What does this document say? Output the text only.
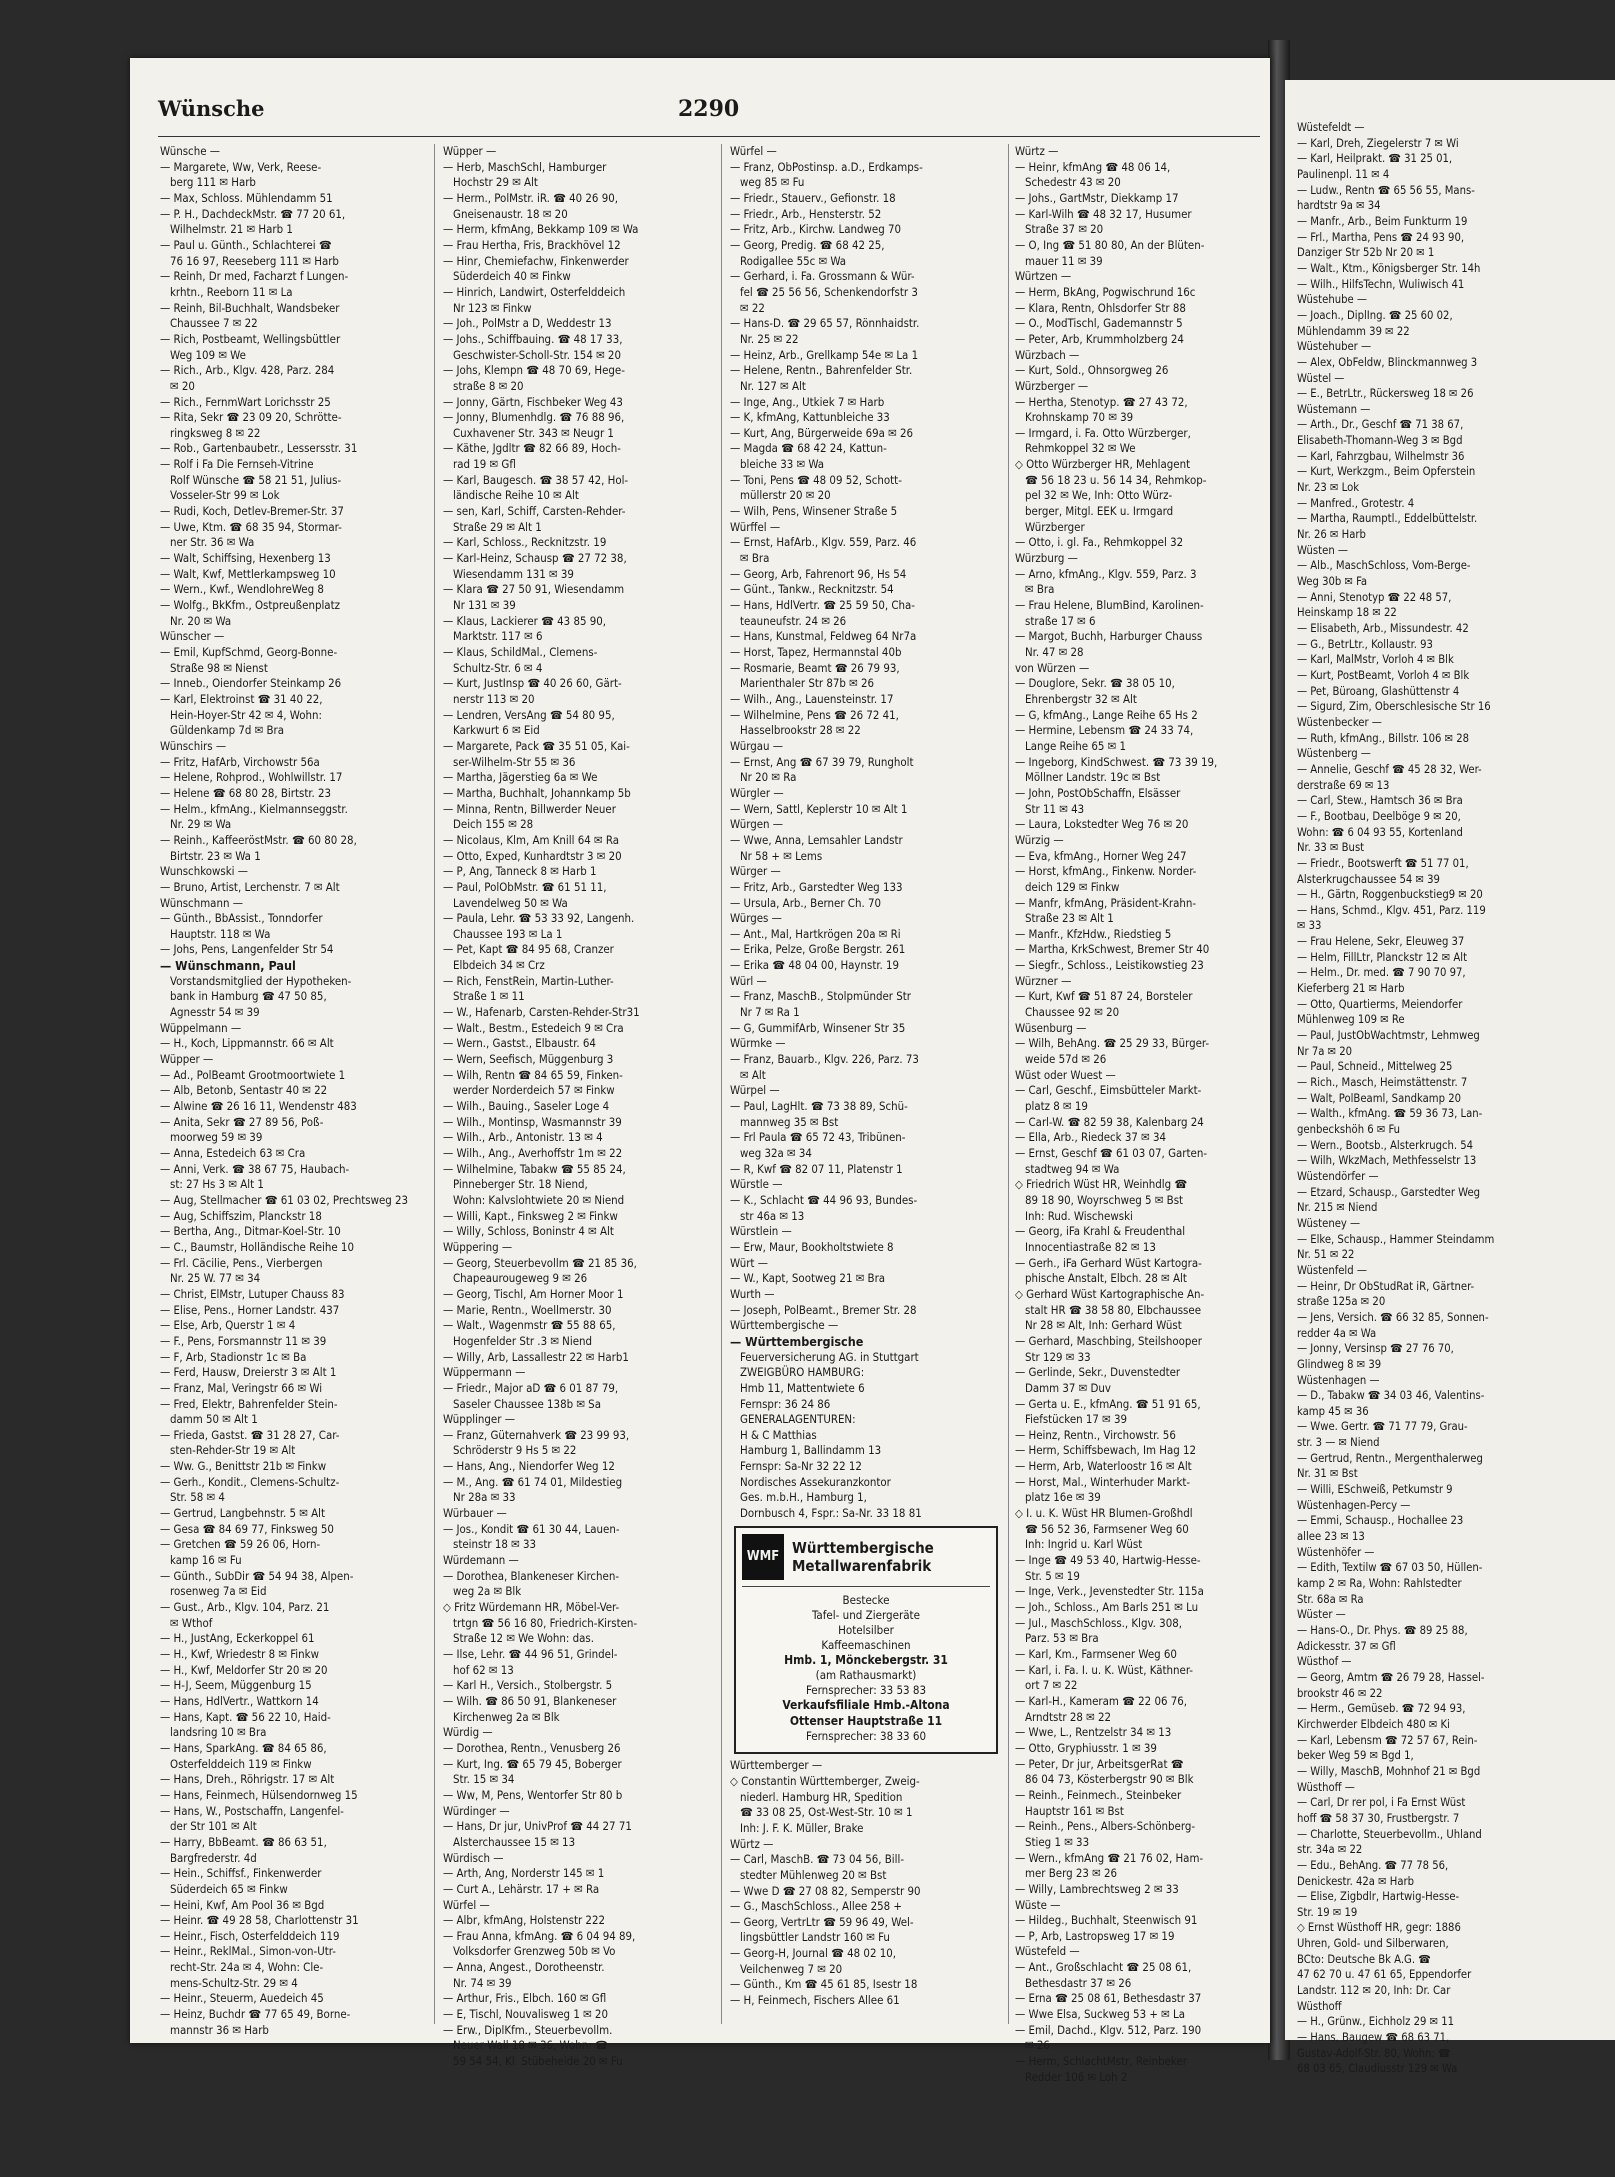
Wünsche	2290

Wünsche —

— Margarete, Ww, Verk, Reese-

berg 111 ✉ Harb

— Max, Schloss. Mühlendamm 51

— P. H., DachdeckMstr. ☎ 77 20 61,

Wilhelmstr. 21 ✉ Harb 1

— Paul u. Günth., Schlachterei ☎

76 16 97, Reeseberg 111 ✉ Harb

— Reinh, Dr med, Facharzt f Lungen-

krhtn., Reeborn 11 ✉ La

— Reinh, Bil-Buchhalt, Wandsbeker

Chaussee 7 ✉ 22

— Rich, Postbeamt, Wellingsbüttler

Weg 109 ✉ We

— Rich., Arb., Klgv. 428, Parz. 284

✉ 20

— Rich., FernmWart Lorichsstr 25

— Rita, Sekr ☎ 23 09 20, Schrötte-

ringksweg 8 ✉ 22

— Rob., Gartenbaubetr., Lessersstr. 31

— Rolf i Fa Die Fernseh-Vitrine

Rolf Wünsche ☎ 58 21 51, Julius-

Vosseler-Str 99 ✉ Lok

— Rudi, Koch, Detlev-Bremer-Str. 37

— Uwe, Ktm. ☎ 68 35 94, Stormar-

ner Str. 36 ✉ Wa

— Walt, Schiffsing, Hexenberg 13

— Walt, Kwf, Mettlerkampsweg 10

— Wern., Kwf., WendlohreWeg 8

— Wolfg., BkKfm., Ostpreußenplatz

Nr. 20 ✉ Wa

Wünscher —

— Emil, KupfSchmd, Georg-Bonne-

Straße 98 ✉ Nienst

— Inneb., Oiendorfer Steinkamp 26

— Karl, Elektroinst ☎ 31 40 22,

Hein-Hoyer-Str 42 ✉ 4, Wohn:

Güldenkamp 7d ✉ Bra

Wünschirs —

— Fritz, HafArb, Virchowstr 56a

— Helene, Rohprod., Wohlwillstr. 17

— Helene ☎ 68 80 28, Birtstr. 23

— Helm., kfmAng., Kielmannseggstr.

Nr. 29 ✉ Wa

— Reinh., KaffeeröstMstr. ☎ 60 80 28,

Birtstr. 23 ✉ Wa 1

Wunschkowski —

— Bruno, Artist, Lerchenstr. 7 ✉ Alt

Wünschmann —

— Günth., BbAssist., Tonndorfer

Hauptstr. 118 ✉ Wa

— Johs, Pens, Langenfelder Str 54

— Wünschmann, Paul

Vorstandsmitglied der Hypotheken-

bank in Hamburg ☎ 47 50 85,

Agnesstr 54 ✉ 39

Wüppelmann —

— H., Koch, Lippmannstr. 66 ✉ Alt

Wüpper —

— Ad., PolBeamt Grootmoortwiete 1

— Alb, Betonb, Sentastr 40 ✉ 22

— Alwine ☎ 26 16 11, Wendenstr 483

— Anita, Sekr ☎ 27 89 56, Poß-

moorweg 59 ✉ 39

— Anna, Estedeich 63 ✉ Cra

— Anni, Verk. ☎ 38 67 75, Haubach-

st: 27 Hs 3 ✉ Alt 1

— Aug, Stellmacher ☎ 61 03 02, Prechtsweg 23

— Aug, Schiffszim, Planckstr 18

— Bertha, Ang., Ditmar-Koel-Str. 10

— C., Baumstr, Holländische Reihe 10

— Frl. Cäcilie, Pens., Vierbergen

Nr. 25 W. 77 ✉ 34

— Christ, ElMstr, Lutuper Chauss 83

— Elise, Pens., Horner Landstr. 437

— Else, Arb, Querstr 1 ✉ 4

— F., Pens, Forsmannstr 11 ✉ 39

— F, Arb, Stadionstr 1c ✉ Ba

— Ferd, Hausw, Dreierstr 3 ✉ Alt 1

— Franz, Mal, Veringstr 66 ✉ Wi

— Fred, Elektr, Bahrenfelder Stein-

damm 50 ✉ Alt 1

— Frieda, Gastst. ☎ 31 28 27, Car-

sten-Rehder-Str 19 ✉ Alt

— Ww. G., Benittstr 21b ✉ Finkw

— Gerh., Kondit., Clemens-Schultz-

Str. 58 ✉ 4

— Gertrud, Langbehnstr. 5 ✉ Alt

— Gesa ☎ 84 69 77, Finksweg 50

— Gretchen ☎ 59 26 06, Horn-

kamp 16 ✉ Fu

— Günth., SubDir ☎ 54 94 38, Alpen-

rosenweg 7a ✉ Eid

— Gust., Arb., Klgv. 104, Parz. 21

✉ Wthof

— H., JustAng, Eckerkoppel 61

— H., Kwf, Wriedestr 8 ✉ Finkw

— H., Kwf, Meldorfer Str 20 ✉ 20

— H-J, Seem, Müggenburg 15

— Hans, HdlVertr., Wattkorn 14

— Hans, Kapt. ☎ 56 22 10, Haid-

landsring 10 ✉ Bra

— Hans, SparkAng. ☎ 84 65 86,

Osterfelddeich 119 ✉ Finkw

— Hans, Dreh., Röhrigstr. 17 ✉ Alt

— Hans, Feinmech, Hülsendornweg 15

— Hans, W., Postschaffn, Langenfel-

der Str 101 ✉ Alt

— Harry, BbBeamt. ☎ 86 63 51,

Bargfrederstr. 4d

— Hein., Schiffsf., Finkenwerder

Süderdeich 65 ✉ Finkw

— Heini, Kwf, Am Pool 36 ✉ Bgd

— Heinr. ☎ 49 28 58, Charlottenstr 31

— Heinr., Fisch, Osterfelddeich 119

— Heinr., ReklMal., Simon-von-Utr-

recht-Str. 24a ✉ 4, Wohn: Cle-

mens-Schultz-Str. 29 ✉ 4

— Heinr., Steuerm, Auedeich 45

— Heinz, Buchdr ☎ 77 65 49, Borne-

mannstr 36 ✉ Harb

Wüpper —

— Herb, MaschSchl, Hamburger

Hochstr 29 ✉ Alt

— Herm., PolMstr. iR. ☎ 40 26 90,

Gneisenaustr. 18 ✉ 20

— Herm, kfmAng, Bekkamp 109 ✉ Wa

— Frau Hertha, Fris, Brackhövel 12

— Hinr, Chemiefachw, Finkenwerder

Süderdeich 40 ✉ Finkw

— Hinrich, Landwirt, Osterfelddeich

Nr 123 ✉ Finkw

— Joh., PolMstr a D, Weddestr 13

— Johs., Schiffbauing. ☎ 48 17 33,

Geschwister-Scholl-Str. 154 ✉ 20

— Johs, Klempn ☎ 48 70 69, Hege-

straße 8 ✉ 20

— Jonny, Gärtn, Fischbeker Weg 43

— Jonny, Blumenhdlg. ☎ 76 88 96,

Cuxhavener Str. 343 ✉ Neugr 1

— Käthe, Jgdltr ☎ 82 66 89, Hoch-

rad 19 ✉ Gfl

— Karl, Baugesch. ☎ 38 57 42, Hol-

ländische Reihe 10 ✉ Alt

— sen, Karl, Schiff, Carsten-Rehder-

Straße 29 ✉ Alt 1

— Karl, Schloss., Recknitzstr. 19

— Karl-Heinz, Schausp ☎ 27 72 38,

Wiesendamm 131 ✉ 39

— Klara ☎ 27 50 91, Wiesendamm

Nr 131 ✉ 39

— Klaus, Lackierer ☎ 43 85 90,

Marktstr. 117 ✉ 6

— Klaus, SchildMal., Clemens-

Schultz-Str. 6 ✉ 4

— Kurt, JustInsp ☎ 40 26 60, Gärt-

nerstr 113 ✉ 20

— Lendren, VersAng ☎ 54 80 95,

Karkwurt 6 ✉ Eid

— Margarete, Pack ☎ 35 51 05, Kai-

ser-Wilhelm-Str 55 ✉ 36

— Martha, Jägerstieg 6a ✉ We

— Martha, Buchhalt, Johannkamp 5b

— Minna, Rentn, Billwerder Neuer

Deich 155 ✉ 28

— Nicolaus, Klm, Am Knill 64 ✉ Ra

— Otto, Exped, Kunhardtstr 3 ✉ 20

— P, Ang, Tanneck 8 ✉ Harb 1

— Paul, PolObMstr. ☎ 61 51 11,

Lavendelweg 50 ✉ Wa

— Paula, Lehr. ☎ 53 33 92, Langenh.

Chaussee 193 ✉ La 1

— Pet, Kapt ☎ 84 95 68, Cranzer

Elbdeich 34 ✉ Crz

— Rich, FenstRein, Martin-Luther-

Straße 1 ✉ 11

— W., Hafenarb, Carsten-Rehder-Str31

— Walt., Bestm., Estedeich 9 ✉ Cra

— Wern., Gastst., Elbaustr. 64

— Wern, Seefisch, Müggenburg 3

— Wilh, Rentn ☎ 84 65 59, Finken-

werder Norderdeich 57 ✉ Finkw

— Wilh., Bauing., Saseler Loge 4

— Wilh., Montinsp, Wasmannstr 39

— Wilh., Arb., Antonistr. 13 ✉ 4

— Wilh., Ang., Averhoffstr 1m ✉ 22

— Wilhelmine, Tabakw ☎ 55 85 24,

Pinneberger Str. 18 Niend,

Wohn: Kalvslohtwiete 20 ✉ Niend

— Willi, Kapt., Finksweg 2 ✉ Finkw

— Willy, Schloss, Boninstr 4 ✉ Alt

Wüppering —

— Georg, Steuerbevollm ☎ 21 85 36,

Chapeaurougeweg 9 ✉ 26

— Georg, Tischl, Am Horner Moor 1

— Marie, Rentn., Woellmerstr. 30

— Walt., Wagenmstr ☎ 55 88 65,

Hogenfelder Str .3 ✉ Niend

— Willy, Arb, Lassallestr 22 ✉ Harb1

Wüppermann —

— Friedr., Major aD ☎ 6 01 87 79,

Saseler Chaussee 138b ✉ Sa

Wüpplinger —

— Franz, Güternahverk ☎ 23 99 93,

Schröderstr 9 Hs 5 ✉ 22

— Hans, Ang., Niendorfer Weg 12

— M., Ang. ☎ 61 74 01, Mildestieg

Nr 28a ✉ 33

Würbauer —

— Jos., Kondit ☎ 61 30 44, Lauen-

steinstr 18 ✉ 33

Würdemann —

— Dorothea, Blankeneser Kirchen-

weg 2a ✉ Blk

◇ Fritz Würdemann HR, Möbel-Ver-

trtgn ☎ 56 16 80, Friedrich-Kirsten-

Straße 12 ✉ We Wohn: das.

— Ilse, Lehr. ☎ 44 96 51, Grindel-

hof 62 ✉ 13

— Karl H., Versich., Stolbergstr. 5

— Wilh. ☎ 86 50 91, Blankeneser

Kirchenweg 2a ✉ Blk

Würdig —

— Dorothea, Rentn., Venusberg 26

— Kurt, Ing. ☎ 65 79 45, Boberger

Str. 15 ✉ 34

— Ww, M, Pens, Wentorfer Str 80 b

Würdinger —

— Hans, Dr jur, UnivProf ☎ 44 27 71

Alsterchaussee 15 ✉ 13

Würdisch —

— Arth, Ang, Norderstr 145 ✉ 1

— Curt A., Lehärstr. 17 + ✉ Ra

Würfel —

— Albr, kfmAng, Holstenstr 222

— Frau Anna, kfmAng. ☎ 6 04 94 89,

Volksdorfer Grenzweg 50b ✉ Vo

— Anna, Angest., Dorotheenstr.

Nr. 74 ✉ 39

— Arthur, Fris., Elbch. 160 ✉ Gfl

— E, Tischl, Nouvalisweg 1 ✉ 20

— Erw., DiplKfm., Steuerbevollm.

Neuer Wall 18 ✉ 36, Wohn: ☎

59 54 54, Kl. Stübeheide 20 ✉ Fu

Würfel —

— Franz, ObPostinsp. a.D., Erdkamps-

weg 85 ✉ Fu

— Friedr., Stauerv., Gefionstr. 18

— Friedr., Arb., Hensterstr. 52

— Fritz, Arb., Kirchw. Landweg 70

— Georg, Predig. ☎ 68 42 25,

Rodigallee 55c ✉ Wa

— Gerhard, i. Fa. Grossmann & Wür-

fel ☎ 25 56 56, Schenkendorfstr 3

✉ 22

— Hans-D. ☎ 29 65 57, Rönnhaidstr.

Nr. 25 ✉ 22

— Heinz, Arb., Grellkamp 54e ✉ La 1

— Helene, Rentn., Bahrenfelder Str.

Nr. 127 ✉ Alt

— Inge, Ang., Utkiek 7 ✉ Harb

— K, kfmAng, Kattunbleiche 33

— Kurt, Ang, Bürgerweide 69a ✉ 26

— Magda ☎ 68 42 24, Kattun-

bleiche 33 ✉ Wa

— Toni, Pens ☎ 48 09 52, Schott-

müllerstr 20 ✉ 20

— Wilh, Pens, Winsener Straße 5

Würffel —

— Ernst, HafArb., Klgv. 559, Parz. 46

✉ Bra

— Georg, Arb, Fahrenort 96, Hs 54

— Günt., Tankw., Recknitzstr. 54

— Hans, HdlVertr. ☎ 25 59 50, Cha-

teauneufstr. 24 ✉ 26

— Hans, Kunstmal, Feldweg 64 Nr7a

— Horst, Tapez, Hermannstal 40b

— Rosmarie, Beamt ☎ 26 79 93,

Marienthaler Str 87b ✉ 26

— Wilh., Ang., Lauensteinstr. 17

— Wilhelmine, Pens ☎ 26 72 41,

Hasselbrookstr 28 ✉ 22

Würgau —

— Ernst, Ang ☎ 67 39 79, Rungholt

Nr 20 ✉ Ra

Würgler —

— Wern, Sattl, Keplerstr 10 ✉ Alt 1

Würgen —

— Wwe, Anna, Lemsahler Landstr

Nr 58 + ✉ Lems

Würger —

— Fritz, Arb., Garstedter Weg 133

— Ursula, Arb., Berner Ch. 70

Würges —

— Ant., Mal, Hartkrögen 20a ✉ Ri

— Erika, Pelze, Große Bergstr. 261

— Erika ☎ 48 04 00, Haynstr. 19

Würl —

— Franz, MaschB., Stolpmünder Str

Nr 7 ✉ Ra 1

— G, GummifArb, Winsener Str 35

Würmke —

— Franz, Bauarb., Klgv. 226, Parz. 73

✉ Alt

Würpel —

— Paul, LagHlt. ☎ 73 38 89, Schü-

mannweg 35 ✉ Bst

— Frl Paula ☎ 65 72 43, Tribünen-

weg 32a ✉ 34

— R, Kwf ☎ 82 07 11, Platenstr 1

Würstle —

— K., Schlacht ☎ 44 96 93, Bundes-

str 46a ✉ 13

Würstlein —

— Erw, Maur, Bookholtstwiete 8

Würt —

— W., Kapt, Sootweg 21 ✉ Bra

Wurth —

— Joseph, PolBeamt., Bremer Str. 28

Württembergische —

— Württembergische

Feuerversicherung AG. in Stuttgart

ZWEIGBÜRO HAMBURG:

Hmb 11, Mattentwiete 6

Fernspr: 36 24 86

GENERALAGENTUREN:

H & C Matthias

Hamburg 1, Ballindamm 13

Fernspr: Sa-Nr 32 22 12

Nordisches Assekuranzkontor

Ges. m.b.H., Hamburg 1,

Dornbusch 4, Fspr.: Sa-Nr. 33 18 81

WMF Württembergische Metallwarenfabrik
Bestecke
Tafel- und Ziergeräte
Hotelsilber
Kaffeemaschinen
Hmb. 1, Mönckebergstr. 31
(am Rathausmarkt)
Fernsprecher: 33 53 83
Verkaufsfiliale Hmb.-Altona
Ottenser Hauptstraße 11
Fernsprecher: 38 33 60

Württemberger —

◇ Constantin Württemberger, Zweig-

niederl. Hamburg HR, Spedition

☎ 33 08 25, Ost-West-Str. 10 ✉ 1

Inh: J. F. K. Müller, Brake

Würtz —

— Carl, MaschB. ☎ 73 04 56, Bill-

stedter Mühlenweg 20 ✉ Bst

— Wwe D ☎ 27 08 82, Semperstr 90

— G., MaschSchloss., Allee 258 +

— Georg, VertrLtr ☎ 59 96 49, Wel-

lingsbüttler Landstr 160 ✉ Fu

— Georg-H, Journal ☎ 48 02 10,

Veilchenweg 7 ✉ 20

— Günth., Km ☎ 45 61 85, Isestr 18

— H, Feinmech, Fischers Allee 61

Würtz —

— Heinr, kfmAng ☎ 48 06 14,

Schedestr 43 ✉ 20

— Johs., GartMstr, Diekkamp 17

— Karl-Wilh ☎ 48 32 17, Husumer

Straße 37 ✉ 20

— O, Ing ☎ 51 80 80, An der Blüten-

mauer 11 ✉ 39

Würtzen —

— Herm, BkAng, Pogwischrund 16c

— Klara, Rentn, Ohlsdorfer Str 88

— O., ModTischl, Gademannstr 5

— Peter, Arb, Krummholzberg 24

Würzbach —

— Kurt, Sold., Ohnsorgweg 26

Würzberger —

— Hertha, Stenotyp. ☎ 27 43 72,

Krohnskamp 70 ✉ 39

— Irmgard, i. Fa. Otto Würzberger,

Rehmkoppel 32 ✉ We

◇ Otto Würzberger HR, Mehlagent

☎ 56 18 23 u. 56 14 34, Rehmkop-

pel 32 ✉ We, Inh: Otto Würz-

berger, Mitgl. EEK u. Irmgard

Würzberger

— Otto, i. gl. Fa., Rehmkoppel 32

Würzburg —

— Arno, kfmAng., Klgv. 559, Parz. 3

✉ Bra

— Frau Helene, BlumBind, Karolinen-

straße 17 ✉ 6

— Margot, Buchh, Harburger Chauss

Nr. 47 ✉ 28

von Würzen —

— Douglore, Sekr. ☎ 38 05 10,

Ehrenbergstr 32 ✉ Alt

— G, kfmAng., Lange Reihe 65 Hs 2

— Hermine, Lebensm ☎ 24 33 74,

Lange Reihe 65 ✉ 1

— Ingeborg, KindSchwest. ☎ 73 39 19,

Möllner Landstr. 19c ✉ Bst

— John, PostObSchaffn, Elsässer

Str 11 ✉ 43

— Laura, Lokstedter Weg 76 ✉ 20

Würzig —

— Eva, kfmAng., Horner Weg 247

— Horst, kfmAng., Finkenw. Norder-

deich 129 ✉ Finkw

— Manfr, kfmAng, Präsident-Krahn-

Straße 23 ✉ Alt 1

— Manfr., KfzHdw., Riedstieg 5

— Martha, KrkSchwest, Bremer Str 40

— Siegfr., Schloss., Leistikowstieg 23

Würzner —

— Kurt, Kwf ☎ 51 87 24, Borsteler

Chaussee 92 ✉ 20

Wüsenburg —

— Wilh, BehAng. ☎ 25 29 33, Bürger-

weide 57d ✉ 26

Wüst oder Wuest —

— Carl, Geschf., Eimsbütteler Markt-

platz 8 ✉ 19

— Carl-W. ☎ 82 59 38, Kalenbarg 24

— Ella, Arb., Riedeck 37 ✉ 34

— Ernst, Geschf ☎ 61 03 07, Garten-

stadtweg 94 ✉ Wa

◇ Friedrich Wüst HR, Weinhdlg ☎

89 18 90, Woyrschweg 5 ✉ Bst

Inh: Rud. Wischewski

— Georg, iFa Krahl & Freudenthal

Innocentiastraße 82 ✉ 13

— Gerh., iFa Gerhard Wüst Kartogra-

phische Anstalt, Elbch. 28 ✉ Alt

◇ Gerhard Wüst Kartographische An-

stalt HR ☎ 38 58 80, Elbchaussee

Nr 28 ✉ Alt, Inh: Gerhard Wüst

— Gerhard, Maschbing, Steilshooper

Str 129 ✉ 33

— Gerlinde, Sekr., Duvenstedter

Damm 37 ✉ Duv

— Gerta u. E., kfmAng. ☎ 51 91 65,

Fiefstücken 17 ✉ 39

— Heinz, Rentn., Virchowstr. 56

— Herm, Schiffsbewach, Im Hag 12

— Herm, Arb, Waterloostr 16 ✉ Alt

— Horst, Mal., Winterhuder Markt-

platz 16e ✉ 39

◇ I. u. K. Wüst HR Blumen-Großhdl

☎ 56 52 36, Farmsener Weg 60

Inh: Ingrid u. Karl Wüst

— Inge ☎ 49 53 40, Hartwig-Hesse-

Str. 5 ✉ 19

— Inge, Verk., Jevenstedter Str. 115a

— Joh., Schloss., Am Barls 251 ✉ Lu

— Jul., MaschSchloss., Klgv. 308,

Parz. 53 ✉ Bra

— Karl, Km., Farmsener Weg 60

— Karl, i. Fa. I. u. K. Wüst, Käthner-

ort 7 ✉ 22

— Karl-H., Kameram ☎ 22 06 76,

Arndtstr 28 ✉ 22

— Wwe, L., Rentzelstr 34 ✉ 13

— Otto, Gryphiusstr. 1 ✉ 39

— Peter, Dr jur, ArbeitsgerRat ☎

86 04 73, Kösterbergstr 90 ✉ Blk

— Reinh., Feinmech., Steinbeker

Hauptstr 161 ✉ Bst

— Reinh., Pens., Albers-Schönberg-

Stieg 1 ✉ 33

— Wern., kfmAng ☎ 21 76 02, Ham-

mer Berg 23 ✉ 26

— Willy, Lambrechtsweg 2 ✉ 33

Wüste —

— Hildeg., Buchhalt, Steenwisch 91

— P, Arb, Lastropsweg 17 ✉ 19

Wüstefeld —

— Ant., Großschlacht ☎ 25 08 61,

Bethesdastr 37 ✉ 26

— Erna ☎ 25 08 61, Bethesdastr 37

— Wwe Elsa, Suckweg 53 + ✉ La

— Emil, Dachd., Klgv. 512, Parz. 190

✉ 26

— Herm, SchlachtMstr, Reinbeker

Redder 106 ✉ Loh 2

Wüstefeldt —

— Karl, Dreh, Ziegelerstr 7 ✉ Wi

— Karl, Heilprakt. ☎ 31 25 01,

Paulinenpl. 11 ✉ 4

— Ludw., Rentn ☎ 65 56 55, Mans-

hardtstr 9a ✉ 34

— Manfr., Arb., Beim Funkturm 19

— Frl., Martha, Pens ☎ 24 93 90,

Danziger Str 52b Nr 20 ✉ 1

— Walt., Ktm., Königsberger Str. 14h

— Wilh., HilfsTechn, Wuliwisch 41

Wüstehube —

— Joach., DiplIng. ☎ 25 60 02,

Mühlendamm 39 ✉ 22

Wüstehuber —

— Alex, ObFeldw, Blinckmannweg 3

Wüstel —

— E., BetrLtr., Rückersweg 18 ✉ 26

Wüstemann —

— Arth., Dr., Geschf ☎ 71 38 67,

Elisabeth-Thomann-Weg 3 ✉ Bgd

— Karl, Fahrzgbau, Wilhelmstr 36

— Kurt, Werkzgm., Beim Opferstein

Nr. 23 ✉ Lok

— Manfred., Grotestr. 4

— Martha, Raumptl., Eddelbüttelstr.

Nr. 26 ✉ Harb

Wüsten —

— Alb., MaschSchloss, Vom-Berge-

Weg 30b ✉ Fa

— Anni, Stenotyp ☎ 22 48 57,

Heinskamp 18 ✉ 22

— Elisabeth, Arb., Missundestr. 42

— G., BetrLtr., Kollaustr. 93

— Karl, MalMstr, Vorloh 4 ✉ Blk

— Kurt, PostBeamt, Vorloh 4 ✉ Blk

— Pet, Büroang, Glashüttenstr 4

— Sigurd, Zim, Oberschlesische Str 16

Wüstenbecker —

— Ruth, kfmAng., Billstr. 106 ✉ 28

Wüstenberg —

— Annelie, Geschf ☎ 45 28 32, Wer-

derstraße 69 ✉ 13

— Carl, Stew., Hamtsch 36 ✉ Bra

— F., Bootbau, Deelböge 9 ✉ 20,

Wohn: ☎ 6 04 93 55, Kortenland

Nr. 33 ✉ Bust

— Friedr., Bootswerft ☎ 51 77 01,

Alsterkrugchaussee 54 ✉ 39

— H., Gärtn, Roggenbuckstieg9 ✉ 20

— Hans, Schmd., Klgv. 451, Parz. 119

✉ 33

— Frau Helene, Sekr, Eleuweg 37

— Helm, FillLtr, Planckstr 12 ✉ Alt

— Helm., Dr. med. ☎ 7 90 70 97,

Kieferberg 21 ✉ Harb

— Otto, Quartierms, Meiendorfer

Mühlenweg 109 ✉ Re

— Paul, JustObWachtmstr, Lehmweg

Nr 7a ✉ 20

— Paul, Schneid., Mittelweg 25

— Rich., Masch, Heimstättenstr. 7

— Walt, PolBeaml, Sandkamp 20

— Walth., kfmAng. ☎ 59 36 73, Lan-

genbeckshöh 6 ✉ Fu

— Wern., Bootsb., Alsterkrugch. 54

— Wilh, WkzMach, Methfesselstr 13

Wüstendörfer —

— Etzard, Schausp., Garstedter Weg

Nr. 215 ✉ Niend

Wüsteney —

— Elke, Schausp., Hammer Steindamm

Nr. 51 ✉ 22

Wüstenfeld —

— Heinr, Dr ObStudRat iR, Gärtner-

straße 125a ✉ 20

— Jens, Versich. ☎ 66 32 85, Sonnen-

redder 4a ✉ Wa

— Jonny, Versinsp ☎ 27 76 70,

Glindweg 8 ✉ 39

Wüstenhagen —

— D., Tabakw ☎ 34 03 46, Valentins-

kamp 45 ✉ 36

— Wwe. Gertr. ☎ 71 77 79, Grau-

str. 3 — ✉ Niend

— Gertrud, Rentn., Mergenthalerweg

Nr. 31 ✉ Bst

— Willi, ESchweiß, Petkumstr 9

Wüstenhagen-Percy —

— Emmi, Schausp., Hochallee 23

allee 23 ✉ 13

Wüstenhöfer —

— Edith, Textilw ☎ 67 03 50, Hüllen-

kamp 2 ✉ Ra, Wohn: Rahlstedter

Str. 68a ✉ Ra

Wüster —

— Hans-O., Dr. Phys. ☎ 89 25 88,

Adickesstr. 37 ✉ Gfl

Wüsthof —

— Georg, Amtm ☎ 26 79 28, Hassel-

brookstr 46 ✉ 22

— Herm., Gemüseb. ☎ 72 94 93,

Kirchwerder Elbdeich 480 ✉ Ki

— Karl, Lebensm ☎ 72 57 67, Rein-

beker Weg 59 ✉ Bgd 1,

— Willy, MaschB, Mohnhof 21 ✉ Bgd

Wüsthoff —

— Carl, Dr rer pol, i Fa Ernst Wüst

hoff ☎ 58 37 30, Frustbergstr. 7

— Charlotte, Steuerbevollm., Uhland

str. 34a ✉ 22

— Edu., BehAng. ☎ 77 78 56,

Denickestr. 42a ✉ Harb

— Elise, Zigbdlr, Hartwig-Hesse-

Str. 19 ✉ 19

◇ Ernst Wüsthoff HR, gegr: 1886

Uhren, Gold- und Silberwaren,

BCto: Deutsche Bk A.G. ☎

47 62 70 u. 47 61 65, Eppendorfer

Landstr. 112 ✉ 20, Inh: Dr. Car

Wüsthoff

— H., Grünw., Eichholz 29 ✉ 11

— Hans, Baugew ☎ 68 63 71,

Gustav-Adolf-Str. 80, Wohn: ☎

68 03 65, Claudiusstr 129 ✉ Wa
